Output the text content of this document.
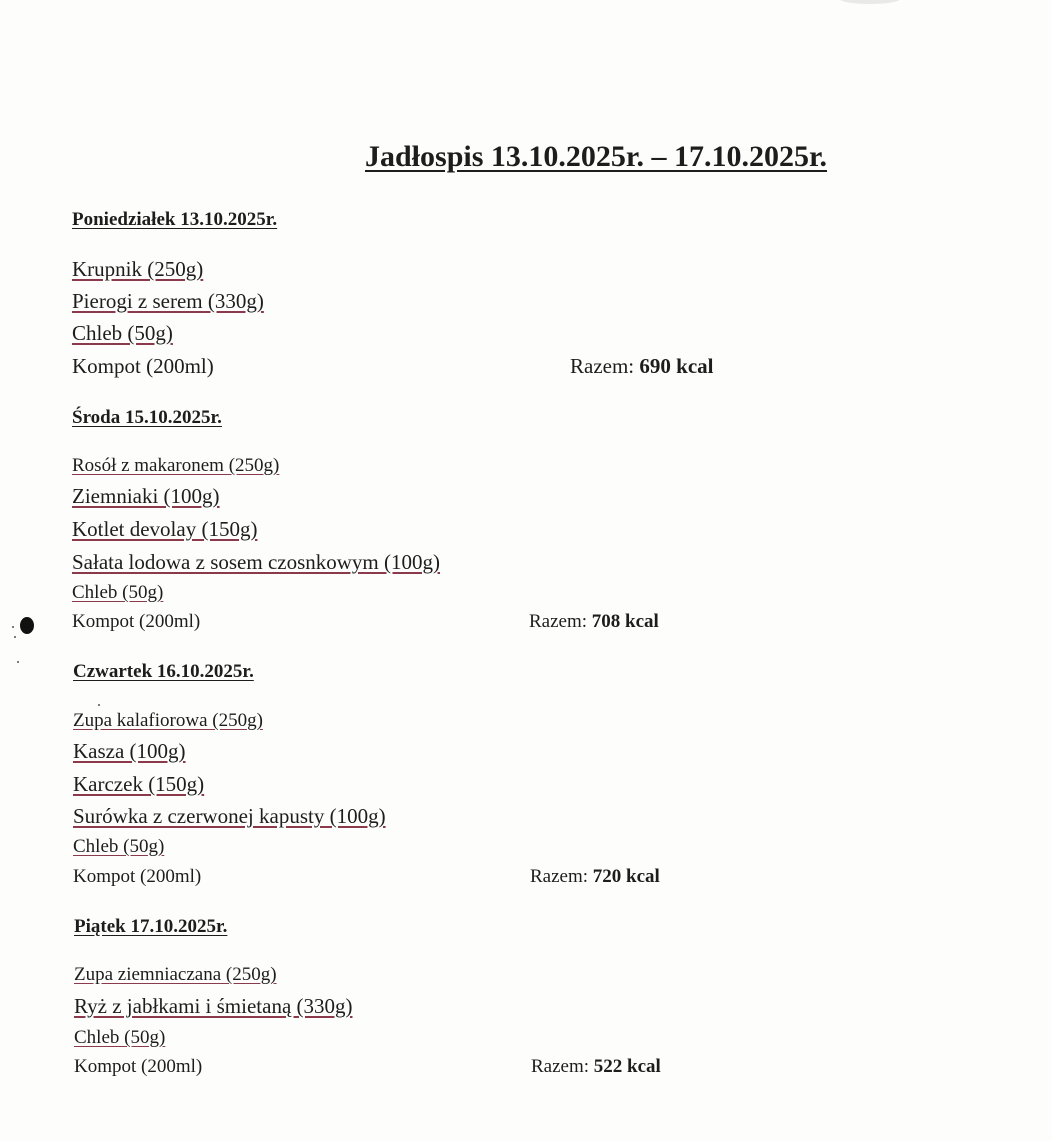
Jadłospis 13.10.2025r. – 17.10.2025r.
Poniedziałek 13.10.2025r.
Krupnik (250g)
Pierogi z serem (330g)
Chleb (50g)
Kompot (200ml)	Razem: 690 kcal
Środa 15.10.2025r.
Rosół z makaronem (250g)
Ziemniaki (100g)
Kotlet devolay (150g)
Sałata lodowa z sosem czosnkowym (100g)
Chleb (50g)
Kompot (200ml)	Razem: 708 kcal
Czwartek 16.10.2025r.
Zupa kalafiorowa (250g)
Kasza (100g)
Karczek (150g)
Surówka z czerwonej kapusty (100g)
Chleb (50g)
Kompot (200ml)	Razem: 720 kcal
Piątek 17.10.2025r.
Zupa ziemniaczana (250g)
Ryż z jabłkami i śmietaną (330g)
Chleb (50g)
Kompot (200ml)	Razem: 522 kcal
